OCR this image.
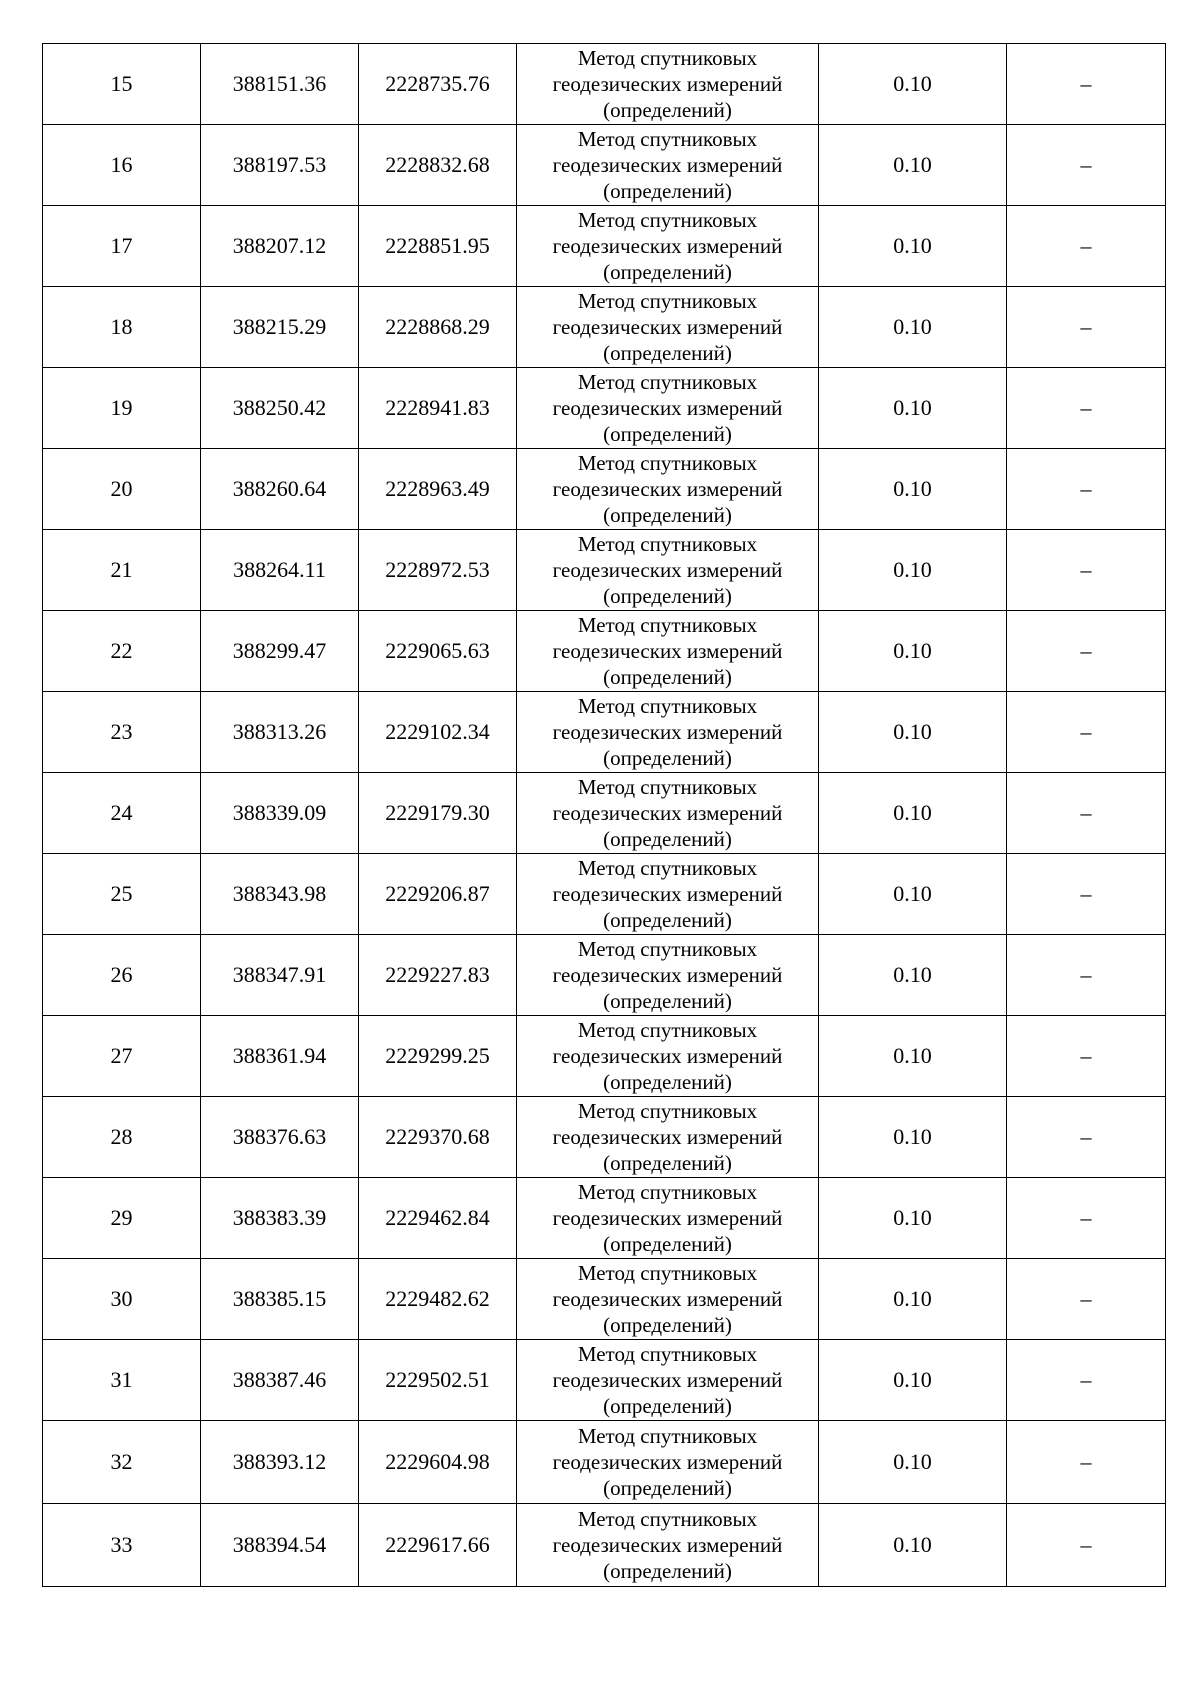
15	388151.36	2228735.76	Метод спутниковых
геодезических измерений
(определений)	0.10	–
16	388197.53	2228832.68	Метод спутниковых
геодезических измерений
(определений)	0.10	–
17	388207.12	2228851.95	Метод спутниковых
геодезических измерений
(определений)	0.10	–
18	388215.29	2228868.29	Метод спутниковых
геодезических измерений
(определений)	0.10	–
19	388250.42	2228941.83	Метод спутниковых
геодезических измерений
(определений)	0.10	–
20	388260.64	2228963.49	Метод спутниковых
геодезических измерений
(определений)	0.10	–
21	388264.11	2228972.53	Метод спутниковых
геодезических измерений
(определений)	0.10	–
22	388299.47	2229065.63	Метод спутниковых
геодезических измерений
(определений)	0.10	–
23	388313.26	2229102.34	Метод спутниковых
геодезических измерений
(определений)	0.10	–
24	388339.09	2229179.30	Метод спутниковых
геодезических измерений
(определений)	0.10	–
25	388343.98	2229206.87	Метод спутниковых
геодезических измерений
(определений)	0.10	–
26	388347.91	2229227.83	Метод спутниковых
геодезических измерений
(определений)	0.10	–
27	388361.94	2229299.25	Метод спутниковых
геодезических измерений
(определений)	0.10	–
28	388376.63	2229370.68	Метод спутниковых
геодезических измерений
(определений)	0.10	–
29	388383.39	2229462.84	Метод спутниковых
геодезических измерений
(определений)	0.10	–
30	388385.15	2229482.62	Метод спутниковых
геодезических измерений
(определений)	0.10	–
31	388387.46	2229502.51	Метод спутниковых
геодезических измерений
(определений)	0.10	–
32	388393.12	2229604.98	Метод спутниковых
геодезических измерений
(определений)	0.10	–
33	388394.54	2229617.66	Метод спутниковых
геодезических измерений
(определений)	0.10	–
